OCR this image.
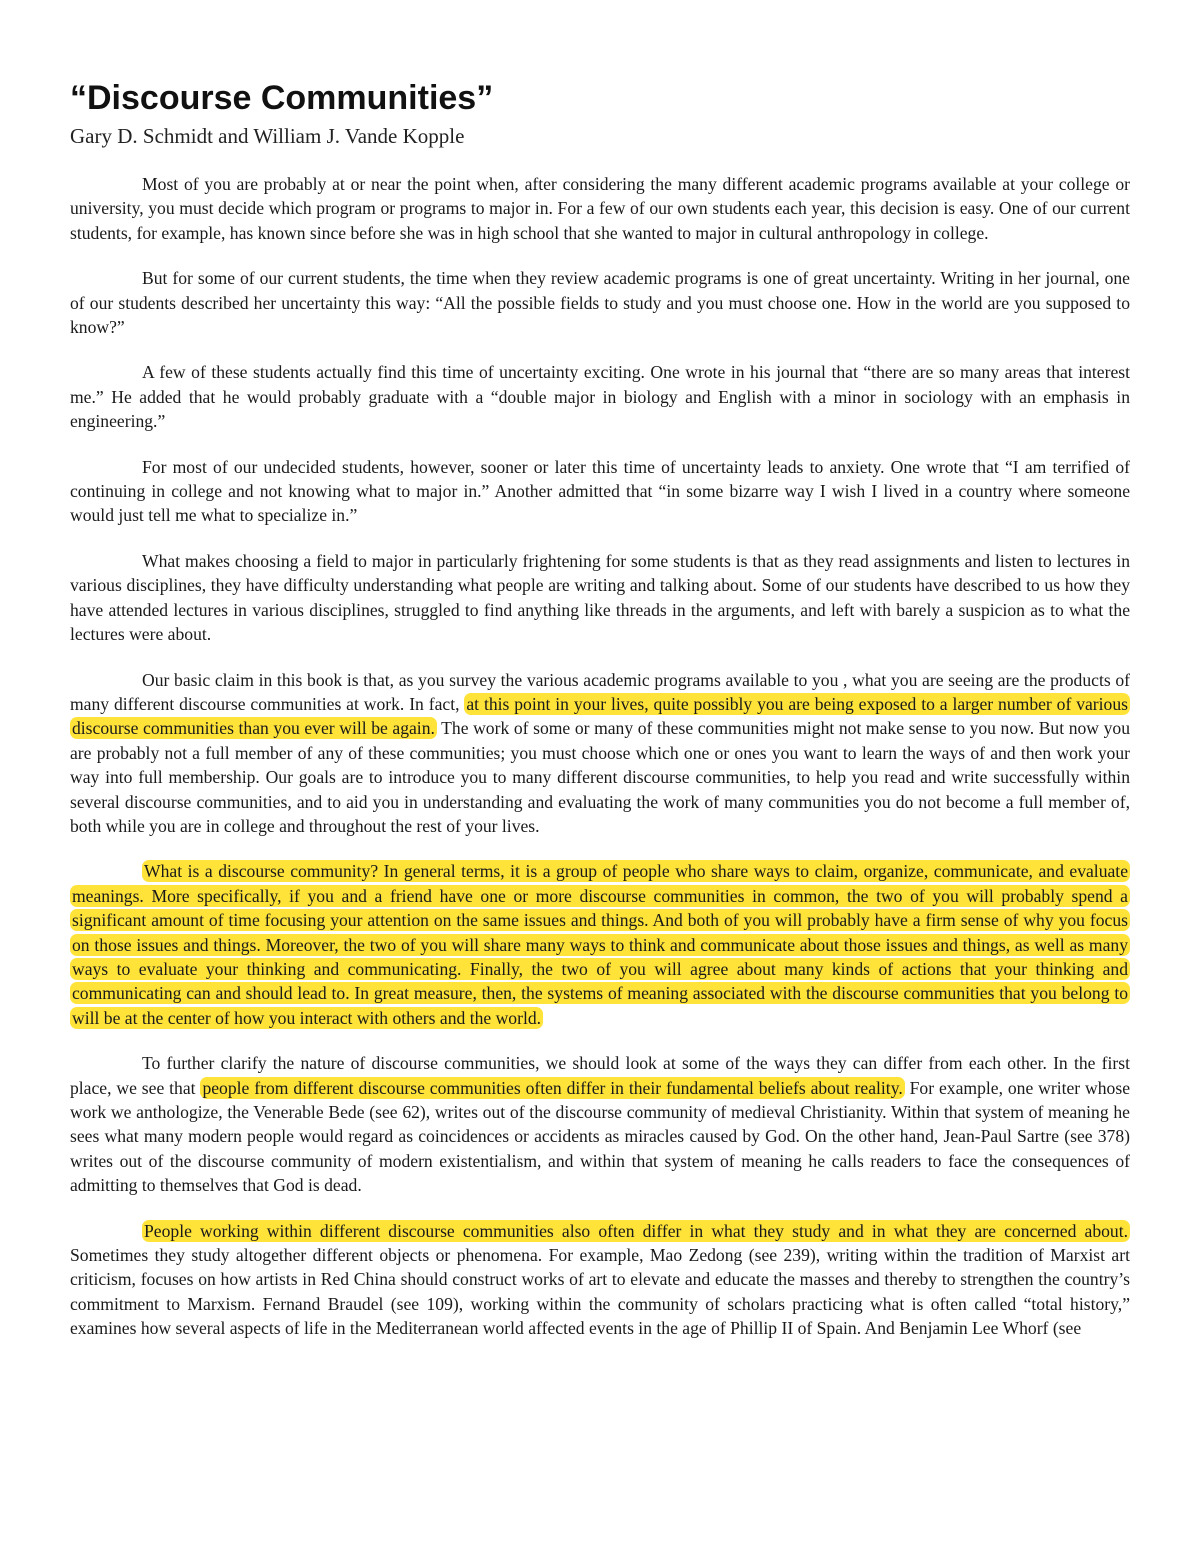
“Discourse Communities”
Gary D. Schmidt and William J. Vande Kopple

Most of you are probably at or near the point when, after considering the many different academic programs available at your college or university, you must decide which program or programs to major in. For a few of our own students each year, this decision is easy. One of our current students, for example, has known since before she was in high school that she wanted to major in cultural anthropology in college.

But for some of our current students, the time when they review academic programs is one of great uncertainty. Writing in her journal, one of our students described her uncertainty this way: “All the possible fields to study and you must choose one. How in the world are you supposed to know?”

A few of these students actually find this time of uncertainty exciting. One wrote in his journal that “there are so many areas that interest me.” He added that he would probably graduate with a “double major in biology and English with a minor in sociology with an emphasis in engineering.”

For most of our undecided students, however, sooner or later this time of uncertainty leads to anxiety. One wrote that “I am terrified of continuing in college and not knowing what to major in.” Another admitted that “in some bizarre way I wish I lived in a country where someone would just tell me what to specialize in.”

What makes choosing a field to major in particularly frightening for some students is that as they read assignments and listen to lectures in various disciplines, they have difficulty understanding what people are writing and talking about. Some of our students have described to us how they have attended lectures in various disciplines, struggled to find anything like threads in the arguments, and left with barely a suspicion as to what the lectures were about.

Our basic claim in this book is that, as you survey the various academic programs available to you , what you are seeing are the products of many different discourse communities at work. In fact, at this point in your lives, quite possibly you are being exposed to a larger number of various discourse communities than you ever will be again. The work of some or many of these communities might not make sense to you now. But now you are probably not a full member of any of these communities; you must choose which one or ones you want to learn the ways of and then work your way into full membership. Our goals are to introduce you to many different discourse communities, to help you read and write successfully within several discourse communities, and to aid you in understanding and evaluating the work of many communities you do not become a full member of, both while you are in college and throughout the rest of your lives.

What is a discourse community? In general terms, it is a group of people who share ways to claim, organize, communicate, and evaluate meanings. More specifically, if you and a friend have one or more discourse communities in common, the two of you will probably spend a significant amount of time focusing your attention on the same issues and things. And both of you will probably have a firm sense of why you focus on those issues and things. Moreover, the two of you will share many ways to think and communicate about those issues and things, as well as many ways to evaluate your thinking and communicating. Finally, the two of you will agree about many kinds of actions that your thinking and communicating can and should lead to. In great measure, then, the systems of meaning associated with the discourse communities that you belong to will be at the center of how you interact with others and the world.

To further clarify the nature of discourse communities, we should look at some of the ways they can differ from each other. In the first place, we see that people from different discourse communities often differ in their fundamental beliefs about reality. For example, one writer whose work we anthologize, the Venerable Bede (see 62), writes out of the discourse community of medieval Christianity. Within that system of meaning he sees what many modern people would regard as coincidences or accidents as miracles caused by God. On the other hand, Jean-Paul Sartre (see 378) writes out of the discourse community of modern existentialism, and within that system of meaning he calls readers to face the consequences of admitting to themselves that God is dead.

People working within different discourse communities also often differ in what they study and in what they are concerned about. Sometimes they study altogether different objects or phenomena. For example, Mao Zedong (see 239), writing within the tradition of Marxist art criticism, focuses on how artists in Red China should construct works of art to elevate and educate the masses and thereby to strengthen the country’s commitment to Marxism. Fernand Braudel (see 109), working within the community of scholars practicing what is often called “total history,” examines how several aspects of life in the Mediterranean world affected events in the age of Phillip II of Spain. And Benjamin Lee Whorf (see
